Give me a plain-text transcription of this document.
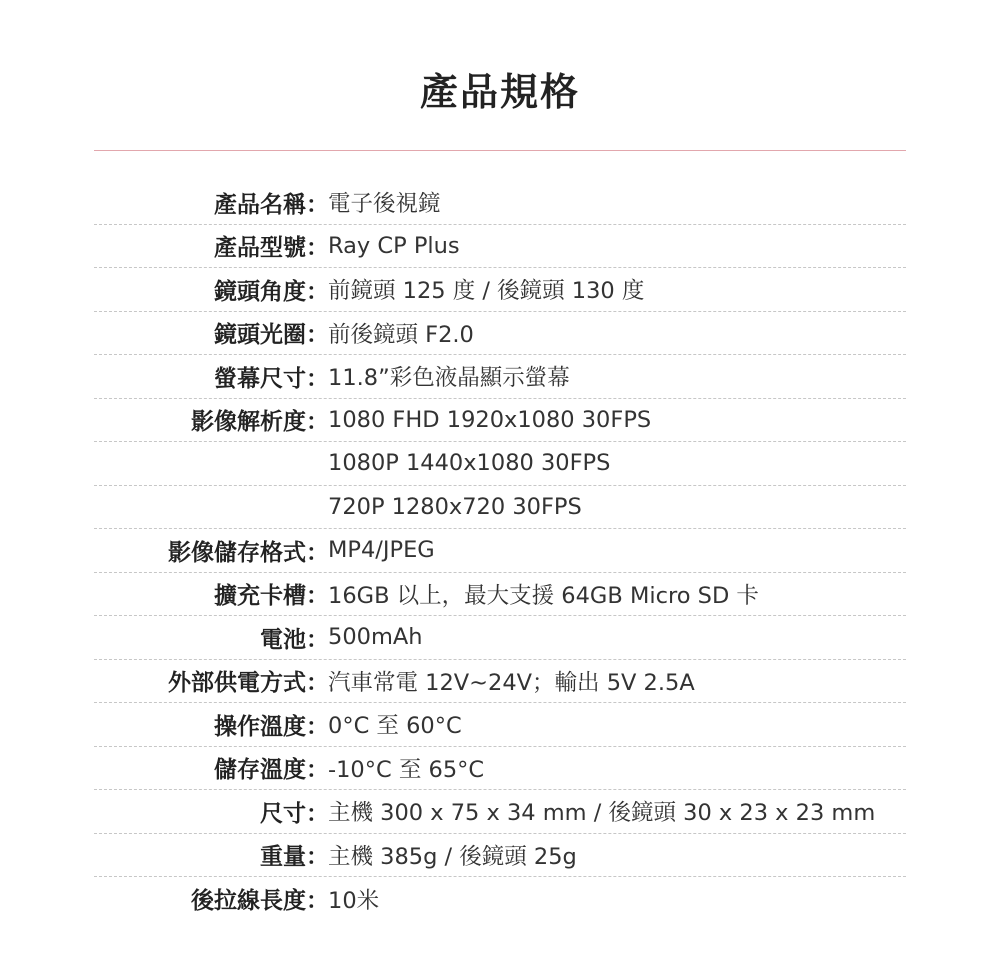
產品規格
產品名稱 ： 電子後視鏡
產品型號 ： Ray CP Plus
鏡頭角度 ： 前鏡頭 125 度 / 後鏡頭 130 度
鏡頭光圈 ： 前後鏡頭 F2.0
螢幕尺寸 ： 11.8”彩色液晶顯示螢幕
影像解析度 ： 1080 FHD 1920x1080 30FPS
1080P 1440x1080 30FPS
720P 1280x720 30FPS
影像儲存格式 ： MP4/JPEG
擴充卡槽 ： 16GB 以上，最大支援 64GB Micro SD 卡
電池 ： 500mAh
外部供電方式 ： 汽車常電 12V~24V；輸出 5V 2.5A
操作溫度 ： 0°C 至 60°C
儲存溫度 ： -10°C 至 65°C
尺寸 ： 主機 300 x 75 x 34 mm / 後鏡頭 30 x 23 x 23 mm
重量 ： 主機 385g / 後鏡頭 25g
後拉線長度 ： 10米
